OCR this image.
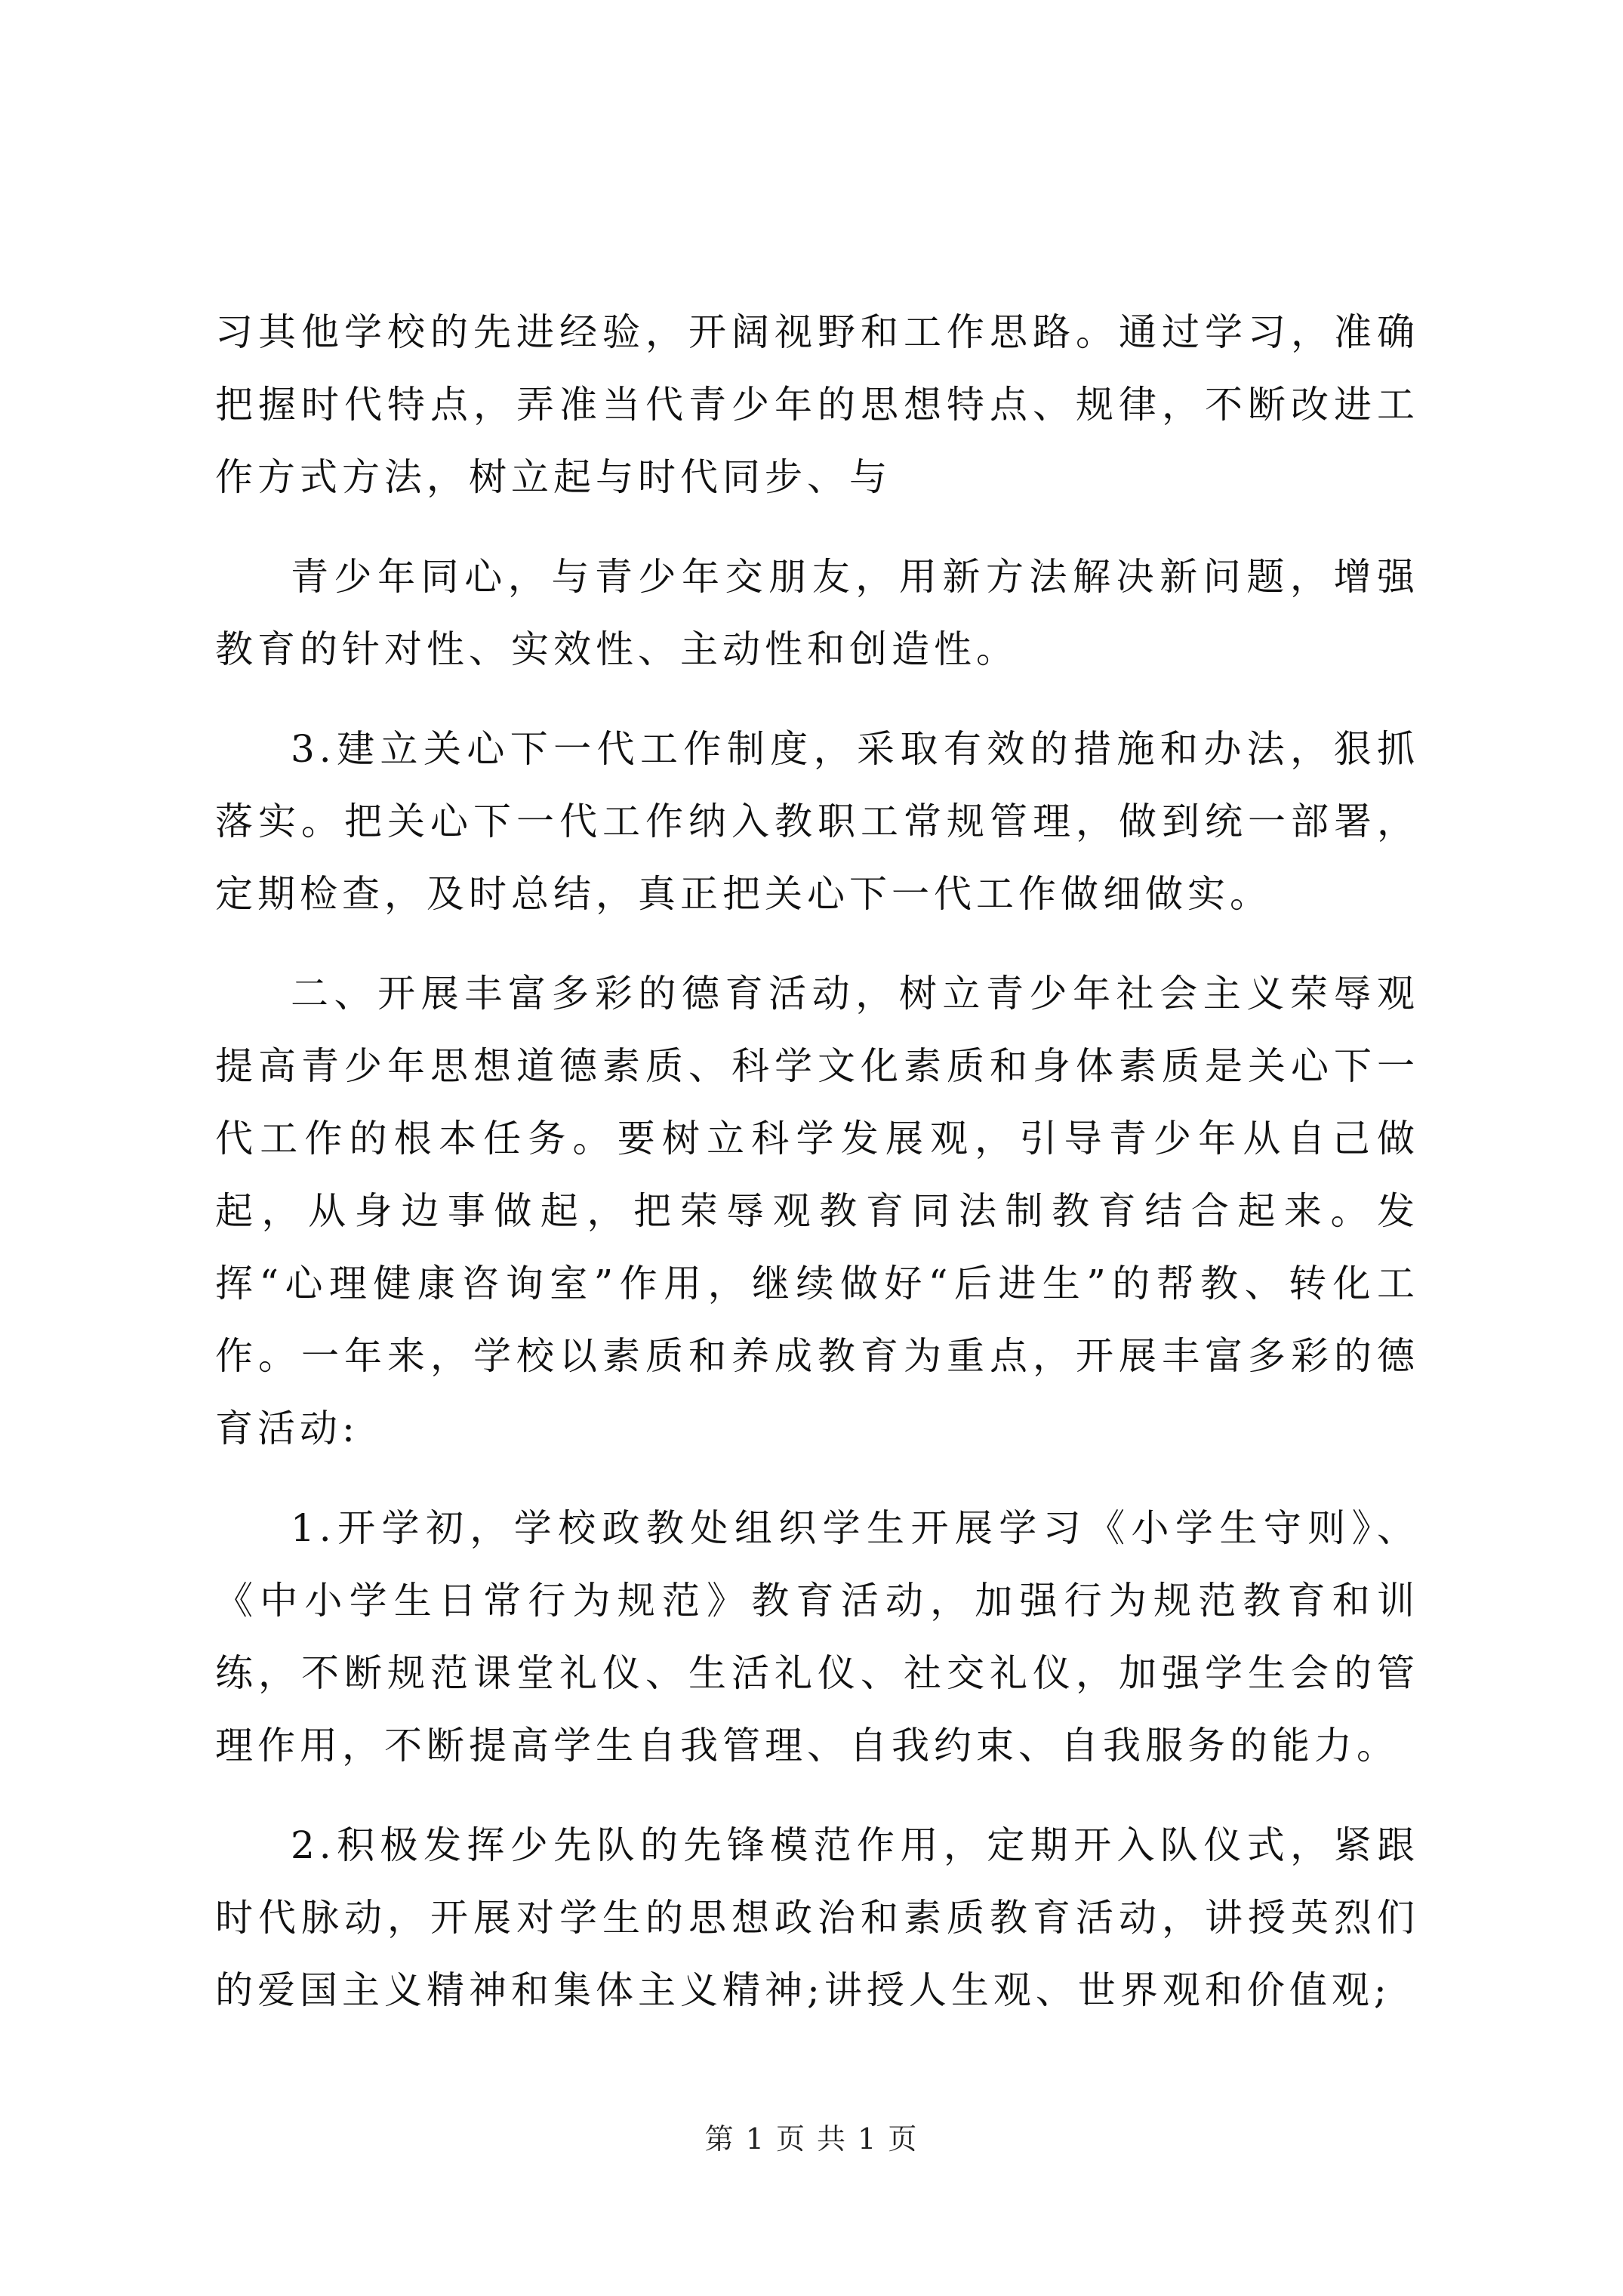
习其他学校的先进经验，开阔视野和工作思路。通过学习，准确把握时代特点，弄准当代青少年的思想特点、规律，不断改进工作方式方法，树立起与时代同步、与

青少年同心，与青少年交朋友，用新方法解决新问题，增强教育的针对性、实效性、主动性和创造性。

3.建立关心下一代工作制度，采取有效的措施和办法，狠抓落实。把关心下一代工作纳入教职工常规管理，做到统一部署，定期检查，及时总结，真正把关心下一代工作做细做实。

二、开展丰富多彩的德育活动，树立青少年社会主义荣辱观提高青少年思想道德素质、科学文化素质和身体素质是关心下一代工作的根本任务。要树立科学发展观，引导青少年从自己做起，从身边事做起，把荣辱观教育同法制教育结合起来。发挥“心理健康咨询室”作用，继续做好“后进生”的帮教、转化工作。一年来，学校以素质和养成教育为重点，开展丰富多彩的德育活动:

1.开学初，学校政教处组织学生开展学习《小学生守则》、《中小学生日常行为规范》教育活动，加强行为规范教育和训练，不断规范课堂礼仪、生活礼仪、社交礼仪，加强学生会的管理作用，不断提高学生自我管理、自我约束、自我服务的能力。

2.积极发挥少先队的先锋模范作用，定期开入队仪式，紧跟时代脉动，开展对学生的思想政治和素质教育活动，讲授英烈们的爱国主义精神和集体主义精神;讲授人生观、世界观和价值观;

第 1 页 共 1 页
